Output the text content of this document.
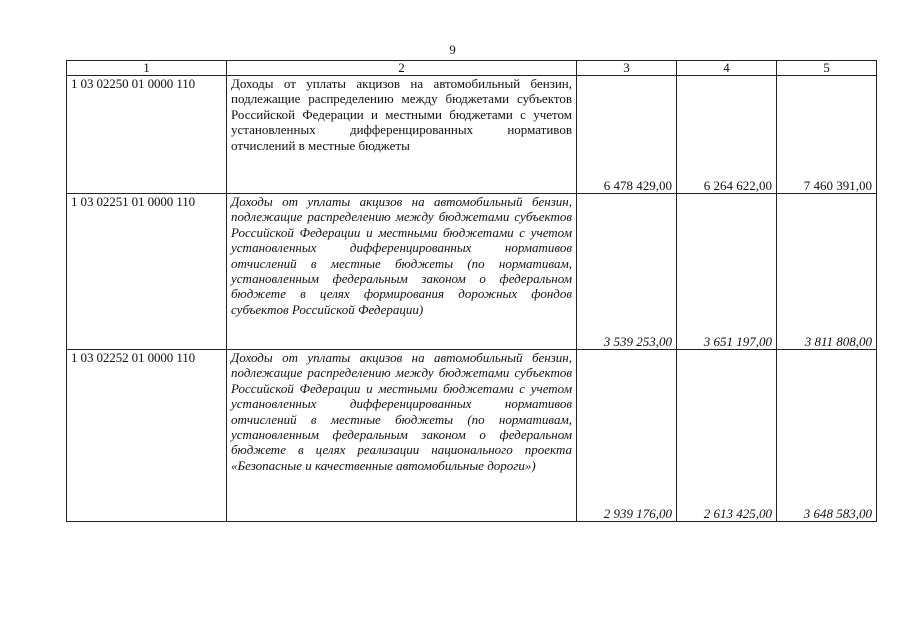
9
1	2	3	4	5
1 03 02250 01 0000 110	Доходы от уплаты акцизов на автомобильный бензин, подлежащие распределению между бюджетами субъектов Российской Федерации и местными бюджетами с учетом установленных дифференцированных нормативов отчислений в местные бюджеты	6 478 429,00	6 264 622,00	7 460 391,00
1 03 02251 01 0000 110	Доходы от уплаты акцизов на автомобильный бензин, подлежащие распределению между бюджетами субъектов Российской Федерации и местными бюджетами с учетом установленных дифференцированных нормативов отчислений в местные бюджеты (по нормативам, установленным федеральным законом о федеральном бюджете в целях формирования дорожных фондов субъектов Российской Федерации)	3 539 253,00	3 651 197,00	3 811 808,00
1 03 02252 01 0000 110	Доходы от уплаты акцизов на автомобильный бензин, подлежащие распределению между бюджетами субъектов Российской Федерации и местными бюджетами с учетом установленных дифференцированных нормативов отчислений в местные бюджеты (по нормативам, установленным федеральным законом о федеральном бюджете в целях реализации национального проекта «Безопасные и качественные автомобильные дороги»)	2 939 176,00	2 613 425,00	3 648 583,00
